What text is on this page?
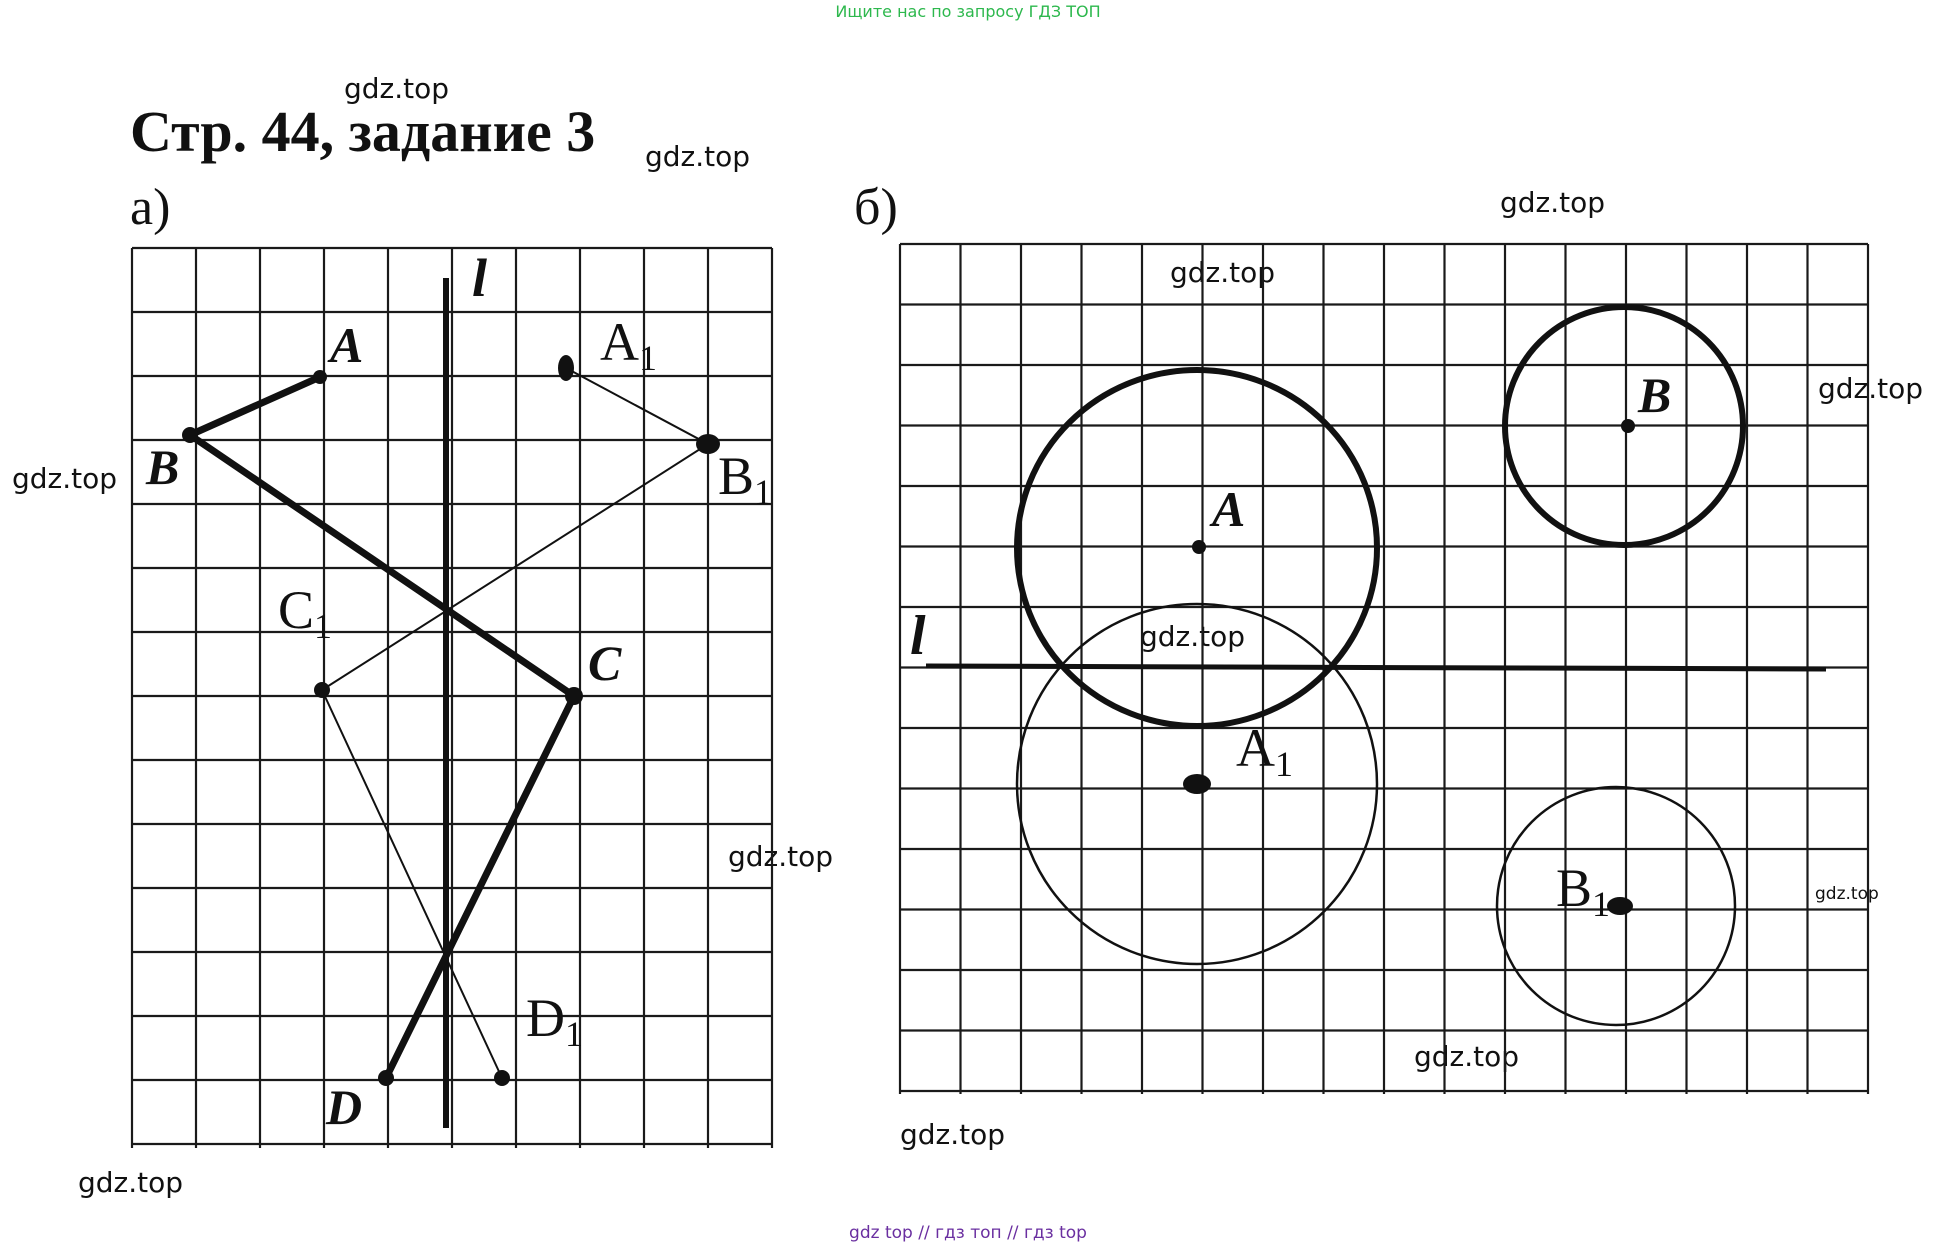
Ищите нас по запросу ГДЗ ТОП
gdz.top
Стр. 44, задание 3 gdz.top
а)	б)	gdz.top
gdz.top
gdz.top
gdz.top
gdz.top
gdz.top
gdz.top
gdz.top
gdz.top
gdz.top
l
A
B
C
D
A1
B1
C1
D1
l
A
B
A1
B1
gdz top // гдз топ // гдз top
